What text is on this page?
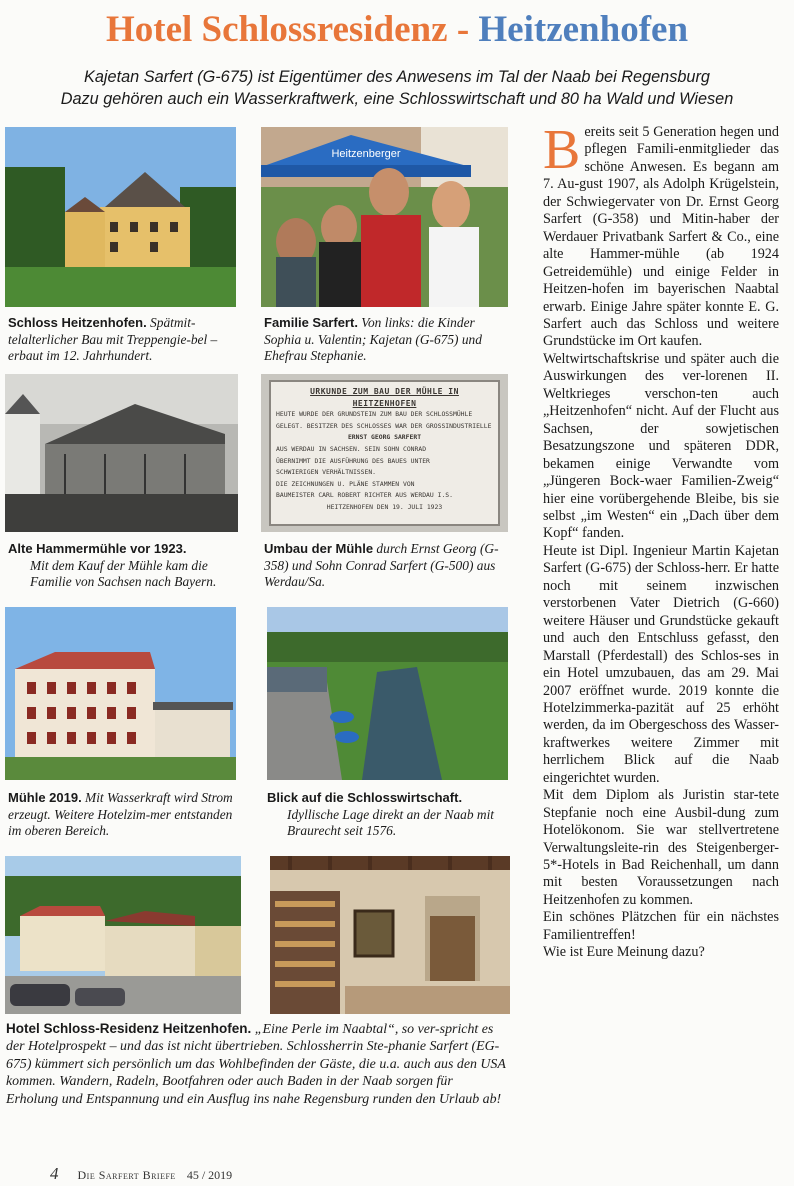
Hotel Schlossresidenz - Heitzenhofen
Kajetan Sarfert (G-675) ist Eigentümer des Anwesens im Tal der Naab bei Regensburg
Dazu gehören auch ein Wasserkraftwerk, eine Schlosswirtschaft und 80 ha Wald und Wiesen
Schloss Heitzenhofen. Spätmit-telalterlicher Bau mit Treppengie-bel – erbaut im 12. Jahrhundert.
Heitzenberger
Familie Sarfert. Von links: die Kinder Sophia u. Valentin; Kajetan (G-675) und Ehefrau Stephanie.
Alte Hammermühle vor 1923.
Mit dem Kauf der Mühle kam die Familie von Sachsen nach Bayern.
URKUNDE ZUM BAU DER MÜHLE IN HEITZENHOFEN
HEUTE WURDE DER GRUNDSTEIN ZUM BAU DER SCHLOSSMÜHLE
GELEGT. BESITZER DES SCHLOSSES WAR DER GROSSINDUSTRIELLE
ERNST GEORG SARFERT
AUS WERDAU IN SACHSEN. SEIN SOHN CONRAD
ÜBERNIMMT DIE AUSFÜHRUNG DES BAUES UNTER
SCHWIERIGEN VERHÄLTNISSEN.
DIE ZEICHNUNGEN U. PLÄNE STAMMEN VON
BAUMEISTER CARL ROBERT RICHTER AUS WERDAU I.S.
HEITZENHOFEN DEN 19. JULI 1923
Umbau der Mühle durch Ernst Georg (G-358) und Sohn Conrad Sarfert (G-500) aus Werdau/Sa.
Mühle 2019. Mit Wasserkraft wird Strom erzeugt. Weitere Hotelzim-mer entstanden im oberen Bereich.
Blick auf die Schlosswirtschaft.
Idyllische Lage direkt an der Naab mit Braurecht seit 1576.
Hotel Schloss-Residenz Heitzenhofen. „Eine Perle im Naabtal“, so ver-spricht es der Hotelprospekt – und das ist nicht übertrieben. Schlossherrin Ste-phanie Sarfert (EG-675) kümmert sich persönlich um das Wohlbefinden der Gäste, die u.a. auch aus den USA kommen. Wandern, Radeln, Bootfahren oder auch Baden in der Naab sorgen für Erholung und Entspannung und ein Ausflug ins nahe Regensburg runden den Urlaub ab!

Bereits seit 5 Generation hegen und pflegen Famili-enmitglieder das schöne Anwesen. Es begann am 7. Au-gust 1907, als Adolph Krügelstein, der Schwiegervater von Dr. Ernst Georg Sarfert (G-358) und Mitin-haber der Werdauer Privatbank Sarfert & Co., eine alte Hammer-mühle (ab 1924 Getreidemühle) und einige Felder in Heitzen-hofen im bayerischen Naabtal erwarb. Einige Jahre später konnte E. G. Sarfert auch das Schloss und weitere Grundstücke im Ort kaufen.

Weltwirtschaftskrise und später auch die Auswirkungen des ver-lorenen II. Weltkrieges verschon-ten auch „Heitzenhofen“ nicht. Auf der Flucht aus Sachsen, der sowjetischen Besatzungszone und späteren DDR, bekamen einige Verwandte vom „Jüngeren Bock-waer Familien-Zweig“ hier eine vorübergehende Bleibe, bis sie selbst „im Westen“ ein „Dach über dem Kopf“ fanden.

Heute ist Dipl. Ingenieur Martin Kajetan Sarfert (G-675) der Schloss-herr. Er hatte noch mit seinem inzwischen verstorbenen Vater Dietrich (G-660) weitere Häuser und Grundstücke gekauft und auch den Entschluss gefasst, den Marstall (Pferdestall) des Schlos-ses in ein Hotel umzubauen, das am 29. Mai 2007 eröffnet wurde. 2019 konnte die Hotelzimmerka-pazität auf 25 erhöht werden, da im Obergeschoss des Wasser-kraftwerkes weitere Zimmer mit herrlichem Blick auf die Naab eingerichtet wurden.

Mit dem Diplom als Juristin star-tete Stepfanie noch eine Ausbil-dung zum Hotelökonom. Sie war stellvertretene Verwaltungsleite-rin des Steigenberger-5*-Hotels in Bad Reichenhall, um dann mit besten Voraussetzungen nach Heitzenhofen zu kommen.

Ein schönes Plätzchen für ein nächstes Familientreffen!

Wie ist Eure Meinung dazu?

4 Die Sarfert Briefe 45 / 2019
